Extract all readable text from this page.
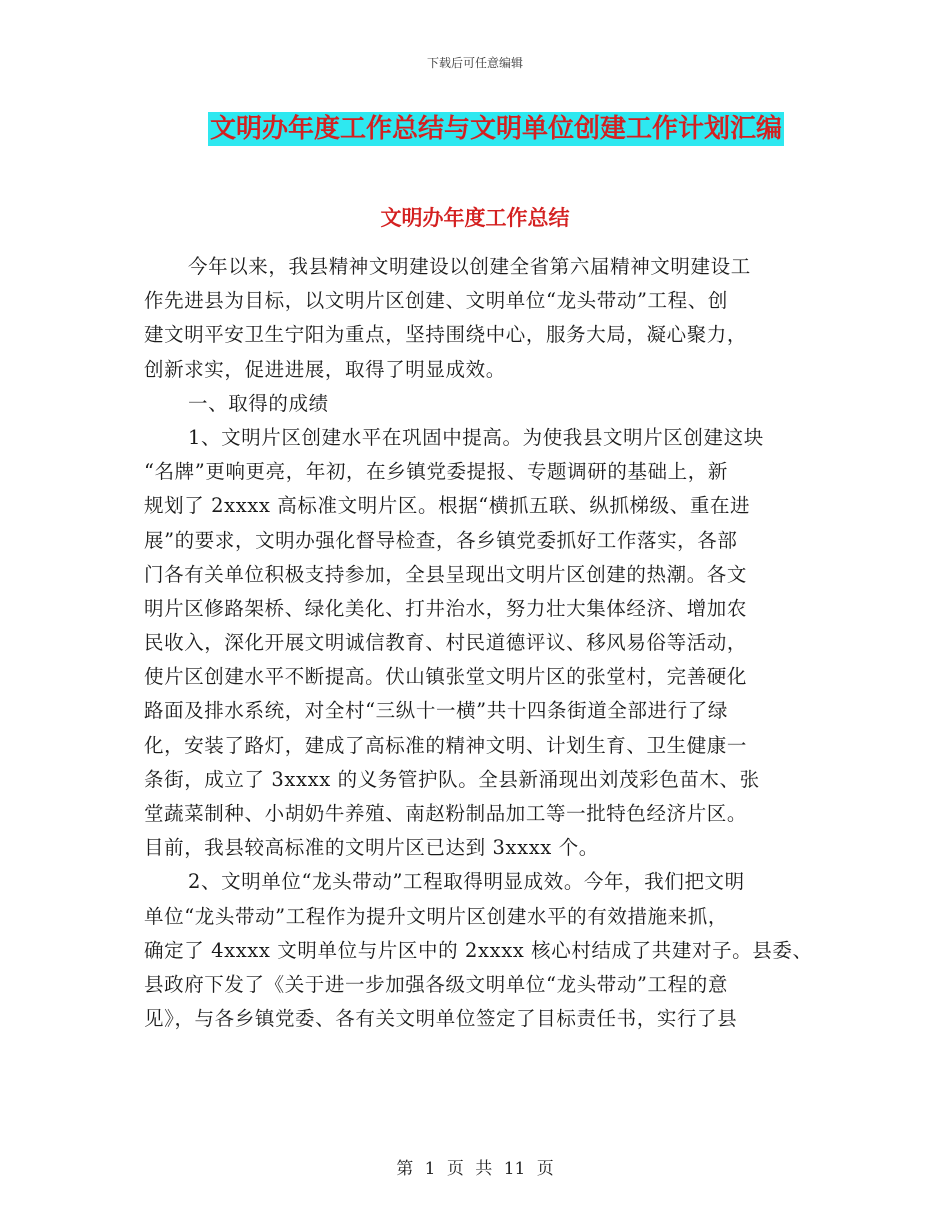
下载后可任意编辑
文明办年度工作总结与文明单位创建工作计划汇编
文明办年度工作总结
今年以来，我县精神文明建设以创建全省第六届精神文明建设工
作先进县为目标，以文明片区创建、文明单位“龙头带动”工程、创
建文明平安卫生宁阳为重点，坚持围绕中心，服务大局，凝心聚力，
创新求实，促进进展，取得了明显成效。
一、取得的成绩
1、文明片区创建水平在巩固中提高。为使我县文明片区创建这块
“名牌”更响更亮，年初，在乡镇党委提报、专题调研的基础上，新
规划了 2xxxx 高标准文明片区。根据“横抓五联、纵抓梯级、重在进
展”的要求，文明办强化督导检查，各乡镇党委抓好工作落实，各部
门各有关单位积极支持参加，全县呈现出文明片区创建的热潮。各文
明片区修路架桥、绿化美化、打井治水，努力壮大集体经济、增加农
民收入，深化开展文明诚信教育、村民道德评议、移风易俗等活动，
使片区创建水平不断提高。伏山镇张堂文明片区的张堂村，完善硬化
路面及排水系统，对全村“三纵十一横”共十四条街道全部进行了绿
化，安装了路灯，建成了高标准的精神文明、计划生育、卫生健康一
条街，成立了 3xxxx 的义务管护队。全县新涌现出刘茂彩色苗木、张
堂蔬菜制种、小胡奶牛养殖、南赵粉制品加工等一批特色经济片区。
目前，我县较高标准的文明片区已达到 3xxxx 个。
2、文明单位“龙头带动”工程取得明显成效。今年，我们把文明
单位“龙头带动”工程作为提升文明片区创建水平的有效措施来抓，
确定了 4xxxx 文明单位与片区中的 2xxxx 核心村结成了共建对子。县委、
县政府下发了《关于进一步加强各级文明单位“龙头带动”工程的意
见》，与各乡镇党委、各有关文明单位签定了目标责任书，实行了县
第 1 页 共 11 页
